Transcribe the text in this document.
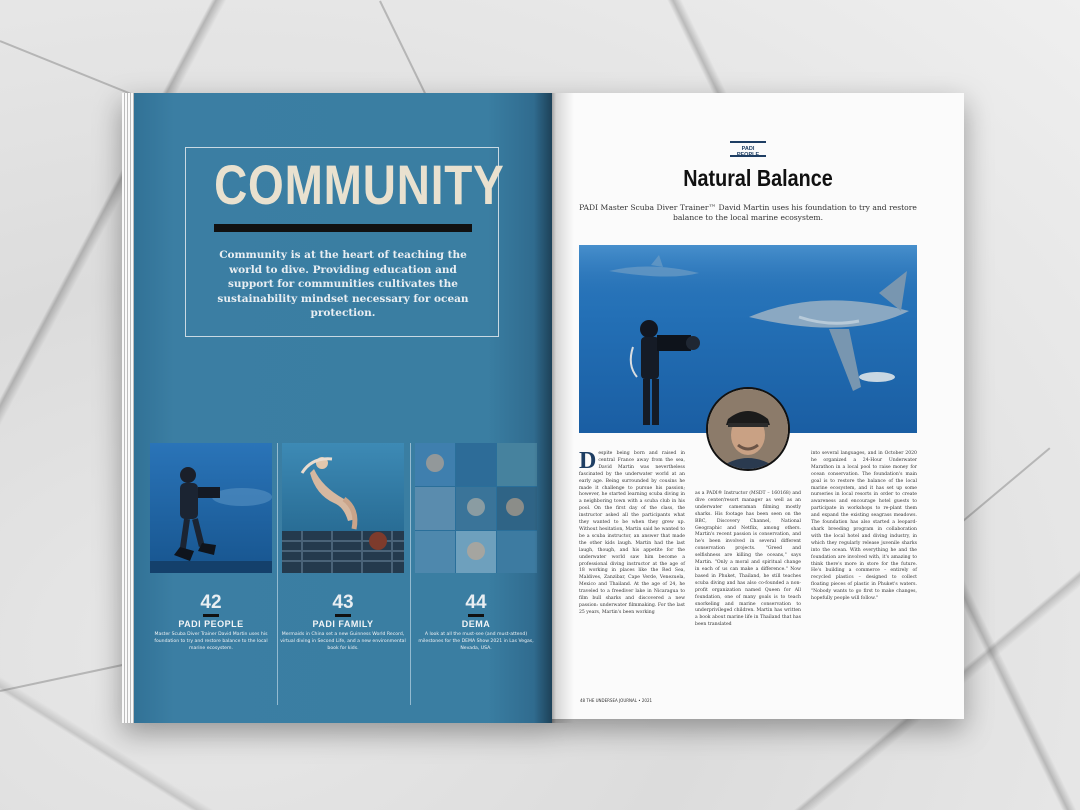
COMMUNITY
Community is at the heart of teaching the world to dive. Providing education and support for communities cultivates the sustainability mindset necessary for ocean protection.
42
PADI PEOPLE
Master Scuba Diver Trainer David Martin uses his foundation to try and restore balance to the local marine ecosystem.
43
PADI FAMILY
Mermaids in China set a new Guinness World Record, virtual diving in Second Life, and a new environmental book for kids.
44
DEMA
A look at all the must-see (and must-attend) milestones for the DEMA Show 2021 in Las Vegas, Nevada, USA.
PADI
Natural Balance
PADI Master Scuba Diver Trainer™ David Martin uses his foundation to try and restore balance to the local marine ecosystem.
D espite being born and raised in central France away from the sea, David Martin was nevertheless fascinated by the underwater world at an early age. Being surrounded by cousins he made it challenge to pursue his passion; however, he started learning scuba diving in a neighboring town with a scuba club in his pool. On the first day of the class, the instructor asked all the participants what they wanted to be when they grew up. Without hesitation, Martin said he wanted to be a scuba instructor, an answer that made the other kids laugh. Martin had the last laugh, though, and his appetite for the underwater world saw him become a professional diving instructor at the age of 18 working in places like the Red Sea, Maldives, Zanzibar, Cape Verde, Venezuela, Mexico and Thailand. At the age of 24, he traveled to a freediver lake in Nicaragua to film bull sharks and discovered a new passion: underwater filmmaking. For the last 25 years, Martin's been working
as a PADI® Instructor (MSDT – 160168) and dive center/resort manager as well as an underwater cameraman filming mostly sharks. His footage has been seen on the BBC, Discovery Channel, National Geographic and Netflix, among others. Martin's recent passion is conservation, and he's been involved in several different conservation projects. "Greed and selfishness are killing the oceans," says Martin. "Only a moral and spiritual change in each of us can make a difference." Now based in Phuket, Thailand, he still teaches scuba diving and has also co-founded a non-profit organization named Queen for All foundation, one of many goals is to teach snorkeling and marine conservation to underprivileged children. Martin has written a book about marine life in Thailand that has been translated
into several languages, and in October 2020 he organized a 24-Hour Underwater Marathon in a local pool to raise money for ocean conservation. The foundation's main goal is to restore the balance of the local marine ecosystem, and it has set up some nurseries in local resorts in order to create awareness and encourage hotel guests to participate in workshops to re-plant them and expand the existing seagrass meadows. The foundation has also started a leopard-shark breeding program in collaboration with the local hotel and diving industry, in which they regularly release juvenile sharks into the ocean. With everything he and the foundation are involved with, it's amazing to think there's more in store for the future. He's building a commerce – entirely of recycled plastics – designed to collect floating pieces of plastic in Phuket's waters. "Nobody wants to go first to make changes, hopefully people will follow."
48 THE UNDERSEA JOURNAL • 2021
